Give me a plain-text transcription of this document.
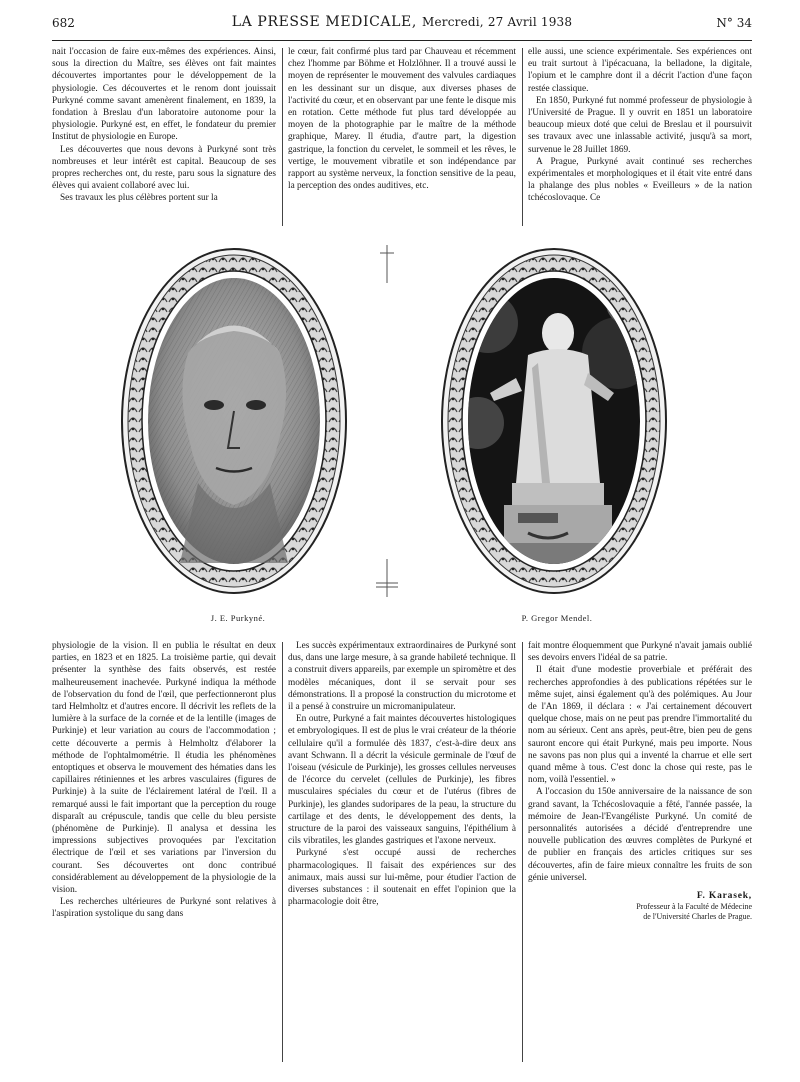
682	LA PRESSE MEDICALE, Mercredi, 27 Avril 1938	N° 34

nait l'occasion de faire eux-mêmes des expériences. Ainsi, sous la direction du Maître, ses élèves ont fait maintes découvertes importantes pour le développement de la physiologie. Ces découvertes et le renom dont jouissait Purkyné comme savant amenèrent finalement, en 1839, la fondation à Breslau d'un laboratoire autonome pour la physiologie. Purkyné est, en effet, le fondateur du premier Institut de physiologie en Europe.

Les découvertes que nous devons à Purkyné sont très nombreuses et leur intérêt est capital. Beaucoup de ses propres recherches ont, du reste, paru sous la signature des élèves qui avaient collaboré avec lui.

Ses travaux les plus célèbres portent sur la

le cœur, fait confirmé plus tard par Chauveau et récemment chez l'homme par Böhme et Holzlöhner. Il a trouvé aussi le moyen de représenter le mouvement des valvules cardiaques en les dessinant sur un disque, aux diverses phases de l'activité du cœur, et en observant par une fente le disque mis en rotation. Cette méthode fut plus tard développée au moyen de la photographie par le maître de la méthode graphique, Marey. Il étudia, d'autre part, la digestion gastrique, la fonction du cervelet, le sommeil et les rêves, le vertige, le mouvement vibratile et son indépendance par rapport au système nerveux, la fonction sensitive de la peau, la perception des ondes auditives, etc.

elle aussi, une science expérimentale. Ses expériences ont eu trait surtout à l'ipécacuana, la belladone, la digitale, l'opium et le camphre dont il a décrit l'action d'une façon restée classique.

En 1850, Purkyné fut nommé professeur de physiologie à l'Université de Prague. Il y ouvrit en 1851 un laboratoire beaucoup mieux doté que celui de Breslau et il poursuivit ses travaux avec une inlassable activité, jusqu'à sa mort, survenue le 28 Juillet 1869.

A Prague, Purkyné avait continué ses recherches expérimentales et morphologiques et il était vite entré dans la phalange des plus nobles « Eveilleurs » de la nation tchécoslovaque. Ce

J. E. Purkyné.	P. Gregor Mendel.

physiologie de la vision. Il en publia le résultat en deux parties, en 1823 et en 1825. La troisième partie, qui devait présenter la synthèse des faits observés, est restée malheureusement inachevée. Purkyné indiqua la méthode de l'observation du fond de l'œil, que perfectionneront plus tard Helmholtz et d'autres encore. Il décrivit les reflets de la lumière à la surface de la cornée et de la lentille (images de Purkinje) et leur variation au cours de l'accommodation ; cette découverte a permis à Helmholtz d'élaborer la méthode de l'ophtalmométrie. Il étudia les phénomènes entoptiques et observa le mouvement des hématies dans les capillaires rétiniennes et les arbres vasculaires (figures de Purkinje) à la suite de l'éclairement latéral de l'œil. Il a remarqué aussi le fait important que la perception du rouge disparaît au crépuscule, tandis que celle du bleu persiste (phénomène de Purkinje). Il analysa et dessina les impressions subjectives provoquées par l'excitation électrique de l'œil et ses variations par l'inversion du courant. Ses découvertes ont donc contribué considérablement au développement de la physiologie de la vision.

Les recherches ultérieures de Purkyné sont relatives à l'aspiration systolique du sang dans

Les succès expérimentaux extraordinaires de Purkyné sont dus, dans une large mesure, à sa grande habileté technique. Il a construit divers appareils, par exemple un spiromètre et des modèles mécaniques, dont il se servait pour ses démonstrations. Il a proposé la construction du microtome et il a pensé à construire un micromanipulateur.

En outre, Purkyné a fait maintes découvertes histologiques et embryologiques. Il est de plus le vrai créateur de la théorie cellulaire qu'il a formulée dès 1837, c'est-à-dire deux ans avant Schwann. Il a décrit la vésicule germinale de l'œuf de l'oiseau (vésicule de Purkinje), les grosses cellules nerveuses de l'écorce du cervelet (cellules de Purkinje), les fibres musculaires spéciales du cœur et de l'utérus (fibres de Purkinje), les glandes sudoripares de la peau, la structure du cartilage et des dents, le développement des dents, la structure de la paroi des vaisseaux sanguins, l'épithélium à cils vibratiles, les glandes gastriques et l'axone nerveux.

Purkyné s'est occupé aussi de recherches pharmacologiques. Il faisait des expériences sur des animaux, mais aussi sur lui-même, pour étudier l'action de diverses substances : il soutenait en effet l'opinion que la pharmacologie doit être,

fait montre éloquemment que Purkyné n'avait jamais oublié ses devoirs envers l'idéal de sa patrie.

Il était d'une modestie proverbiale et préférait des recherches approfondies à des publications répétées sur le même sujet, ainsi également qu'à des polémiques. Au Jour de l'An 1869, il déclara : « J'ai certainement découvert quelque chose, mais on ne peut pas prendre l'immortalité du nom au sérieux. Cent ans après, peut-être, bien peu de gens sauront encore qui était Purkyné, mais peu importe. Nous ne savons pas non plus qui a inventé la charrue et elle sert quand même à tous. C'est donc la chose qui reste, pas le nom, voilà l'essentiel. »

A l'occasion du 150e anniversaire de la naissance de son grand savant, la Tchécoslovaquie a fêté, l'année passée, la mémoire de Jean-l'Evangéliste Purkyné. Un comité de personnalités autorisées a décidé d'entreprendre une nouvelle publication des œuvres complètes de Purkyné et de publier en français des articles critiques sur ses découvertes, afin de faire mieux connaître les fruits de son génie universel.

F. Karasek,
Professeur à la Faculté de Médecine
de l'Université Charles de Prague.
